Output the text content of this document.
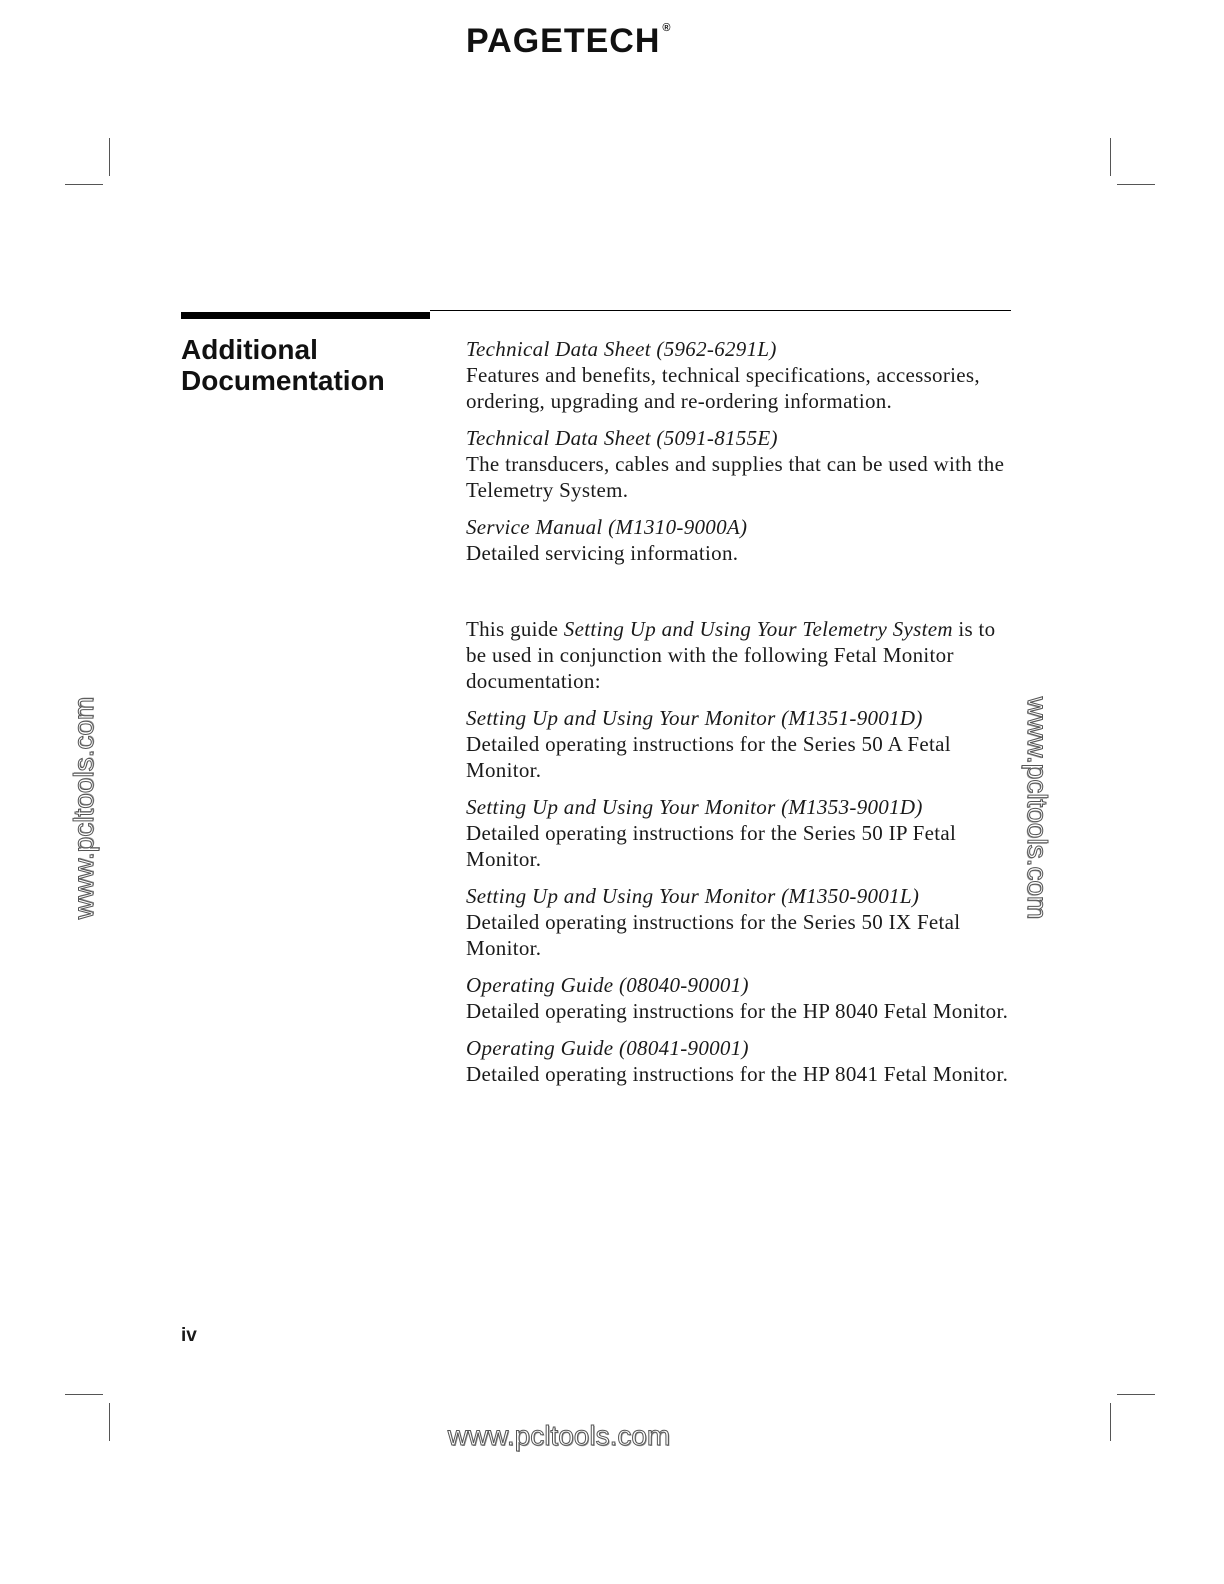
PAGETECH ®
Additional
Documentation
Technical Data Sheet (5962-6291L)
Features and benefits, technical specifications, accessories, ordering, upgrading and re-ordering information.
Technical Data Sheet (5091-8155E)
The transducers, cables and supplies that can be used with the Telemetry System.
Service Manual (M1310-9000A)
Detailed servicing information.

This guide Setting Up and Using Your Telemetry System is to be used in conjunction with the following Fetal Monitor documentation:

Setting Up and Using Your Monitor (M1351-9001D)
Detailed operating instructions for the Series 50 A Fetal Monitor.
Setting Up and Using Your Monitor (M1353-9001D)
Detailed operating instructions for the Series 50 IP Fetal Monitor.
Setting Up and Using Your Monitor (M1350-9001L)
Detailed operating instructions for the Series 50 IX Fetal Monitor.
Operating Guide (08040-90001)
Detailed operating instructions for the HP 8040 Fetal Monitor.
Operating Guide (08041-90001)
Detailed operating instructions for the HP 8041 Fetal Monitor.
www.pcltools.com	www.pcltools.com
iv
www.pcltools.com
